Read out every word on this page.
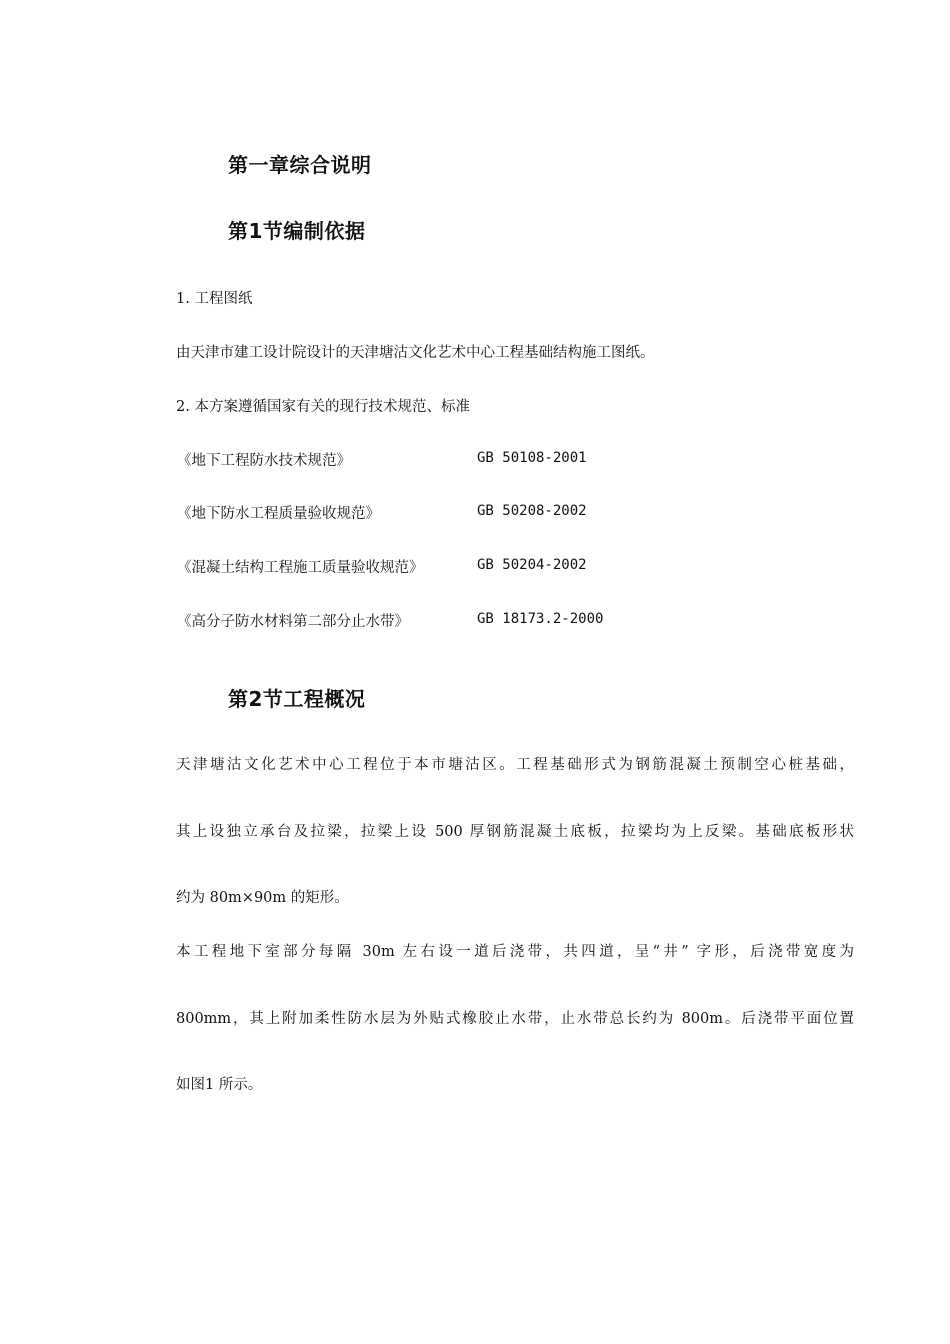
第一章综合说明
第1节编制依据
1. 工程图纸
由天津市建工设计院设计的天津塘沽文化艺术中心工程基础结构施工图纸。
2. 本方案遵循国家有关的现行技术规范、标准
《地下工程防水技术规范》	GB 50108-2001
《地下防水工程质量验收规范》	GB 50208-2002
《混凝土结构工程施工质量验收规范》	GB 50204-2002
《高分子防水材料第二部分止水带》	GB 18173.2-2000
第2节工程概况
天津塘沽文化艺术中心工程位于本市塘沽区。工程基础形式为钢筋混凝土预制空心桩基础，
其上设独立承台及拉梁，拉梁上设 500 厚钢筋混凝土底板，拉梁均为上反梁。基础底板形状
约为 80m×90m 的矩形。
本工程地下室部分每隔 30m 左右设一道后浇带，共四道，呈“井” 字形，后浇带宽度为
800mm，其上附加柔性防水层为外贴式橡胶止水带，止水带总长约为 800m。后浇带平面位置
如图1 所示。
